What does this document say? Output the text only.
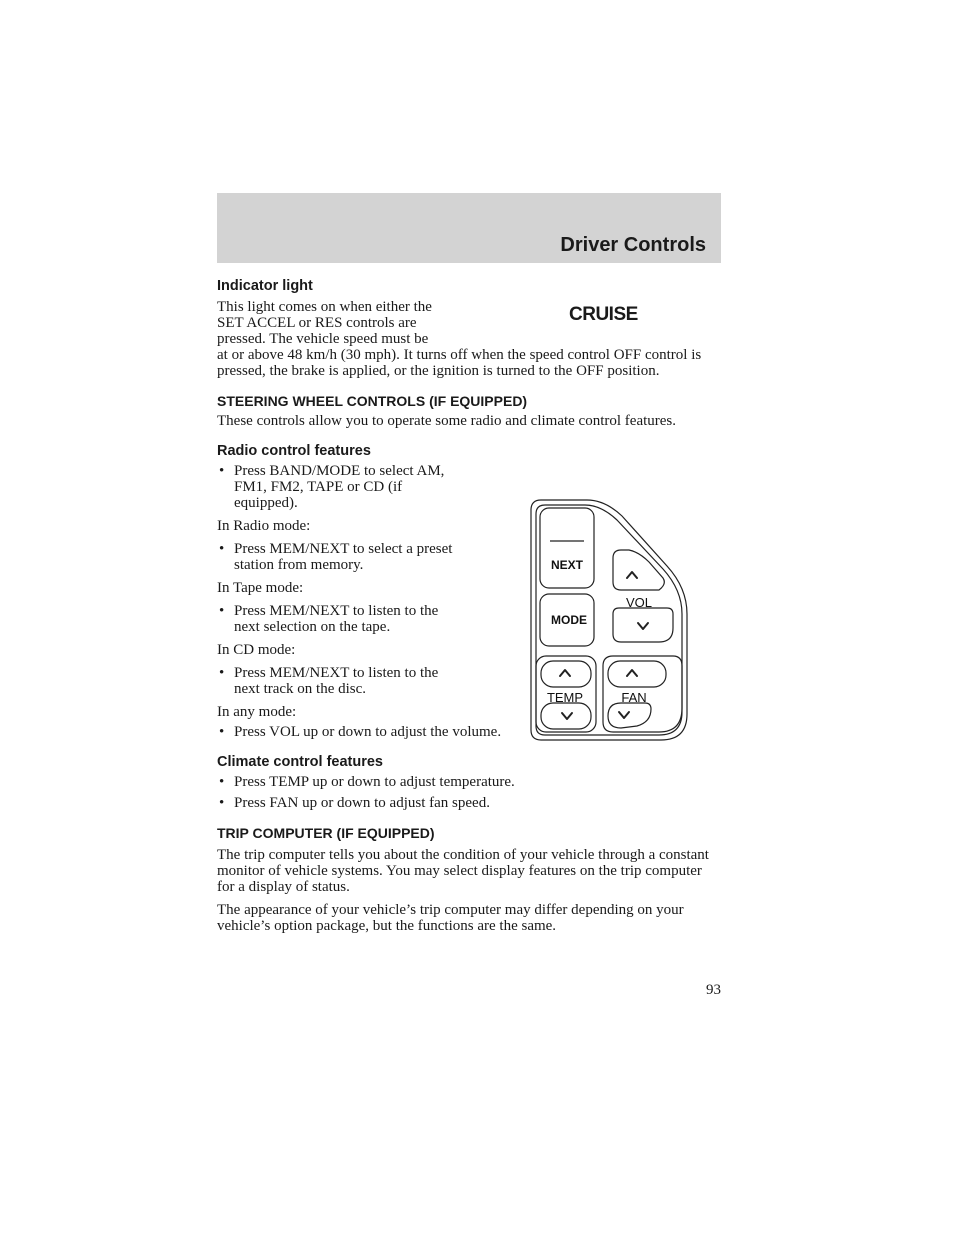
Driver Controls
Indicator light
CRUISE

This light comes on when either the

SET ACCEL or RES controls are

pressed. The vehicle speed must be

at or above 48 km/h (30 mph). It turns off when the speed control OFF control is pressed, the brake is applied, or the ignition is turned to the OFF position.

STEERING WHEEL CONTROLS (IF EQUIPPED)

These controls allow you to operate some radio and climate control features.

Radio control features
• Press BAND/MODE to select AM, FM1, FM2, TAPE or CD (if equipped).

In Radio mode:

• Press MEM/NEXT to select a preset station from memory.

In Tape mode:

• Press MEM/NEXT to listen to the next selection on the tape.

In CD mode:

• Press MEM/NEXT to listen to the next track on the disc.

In any mode:

• Press VOL up or down to adjust the volume.
Climate control features
• Press TEMP up or down to adjust temperature.
• Press FAN up or down to adjust fan speed.
TRIP COMPUTER (IF EQUIPPED)

The trip computer tells you about the condition of your vehicle through a constant monitor of vehicle systems. You may select display features on the trip computer for a display of status.

The appearance of your vehicle’s trip computer may differ depending on your vehicle’s option package, but the functions are the same.

NEXT
MODE
VOL
TEMP	FAN
93
